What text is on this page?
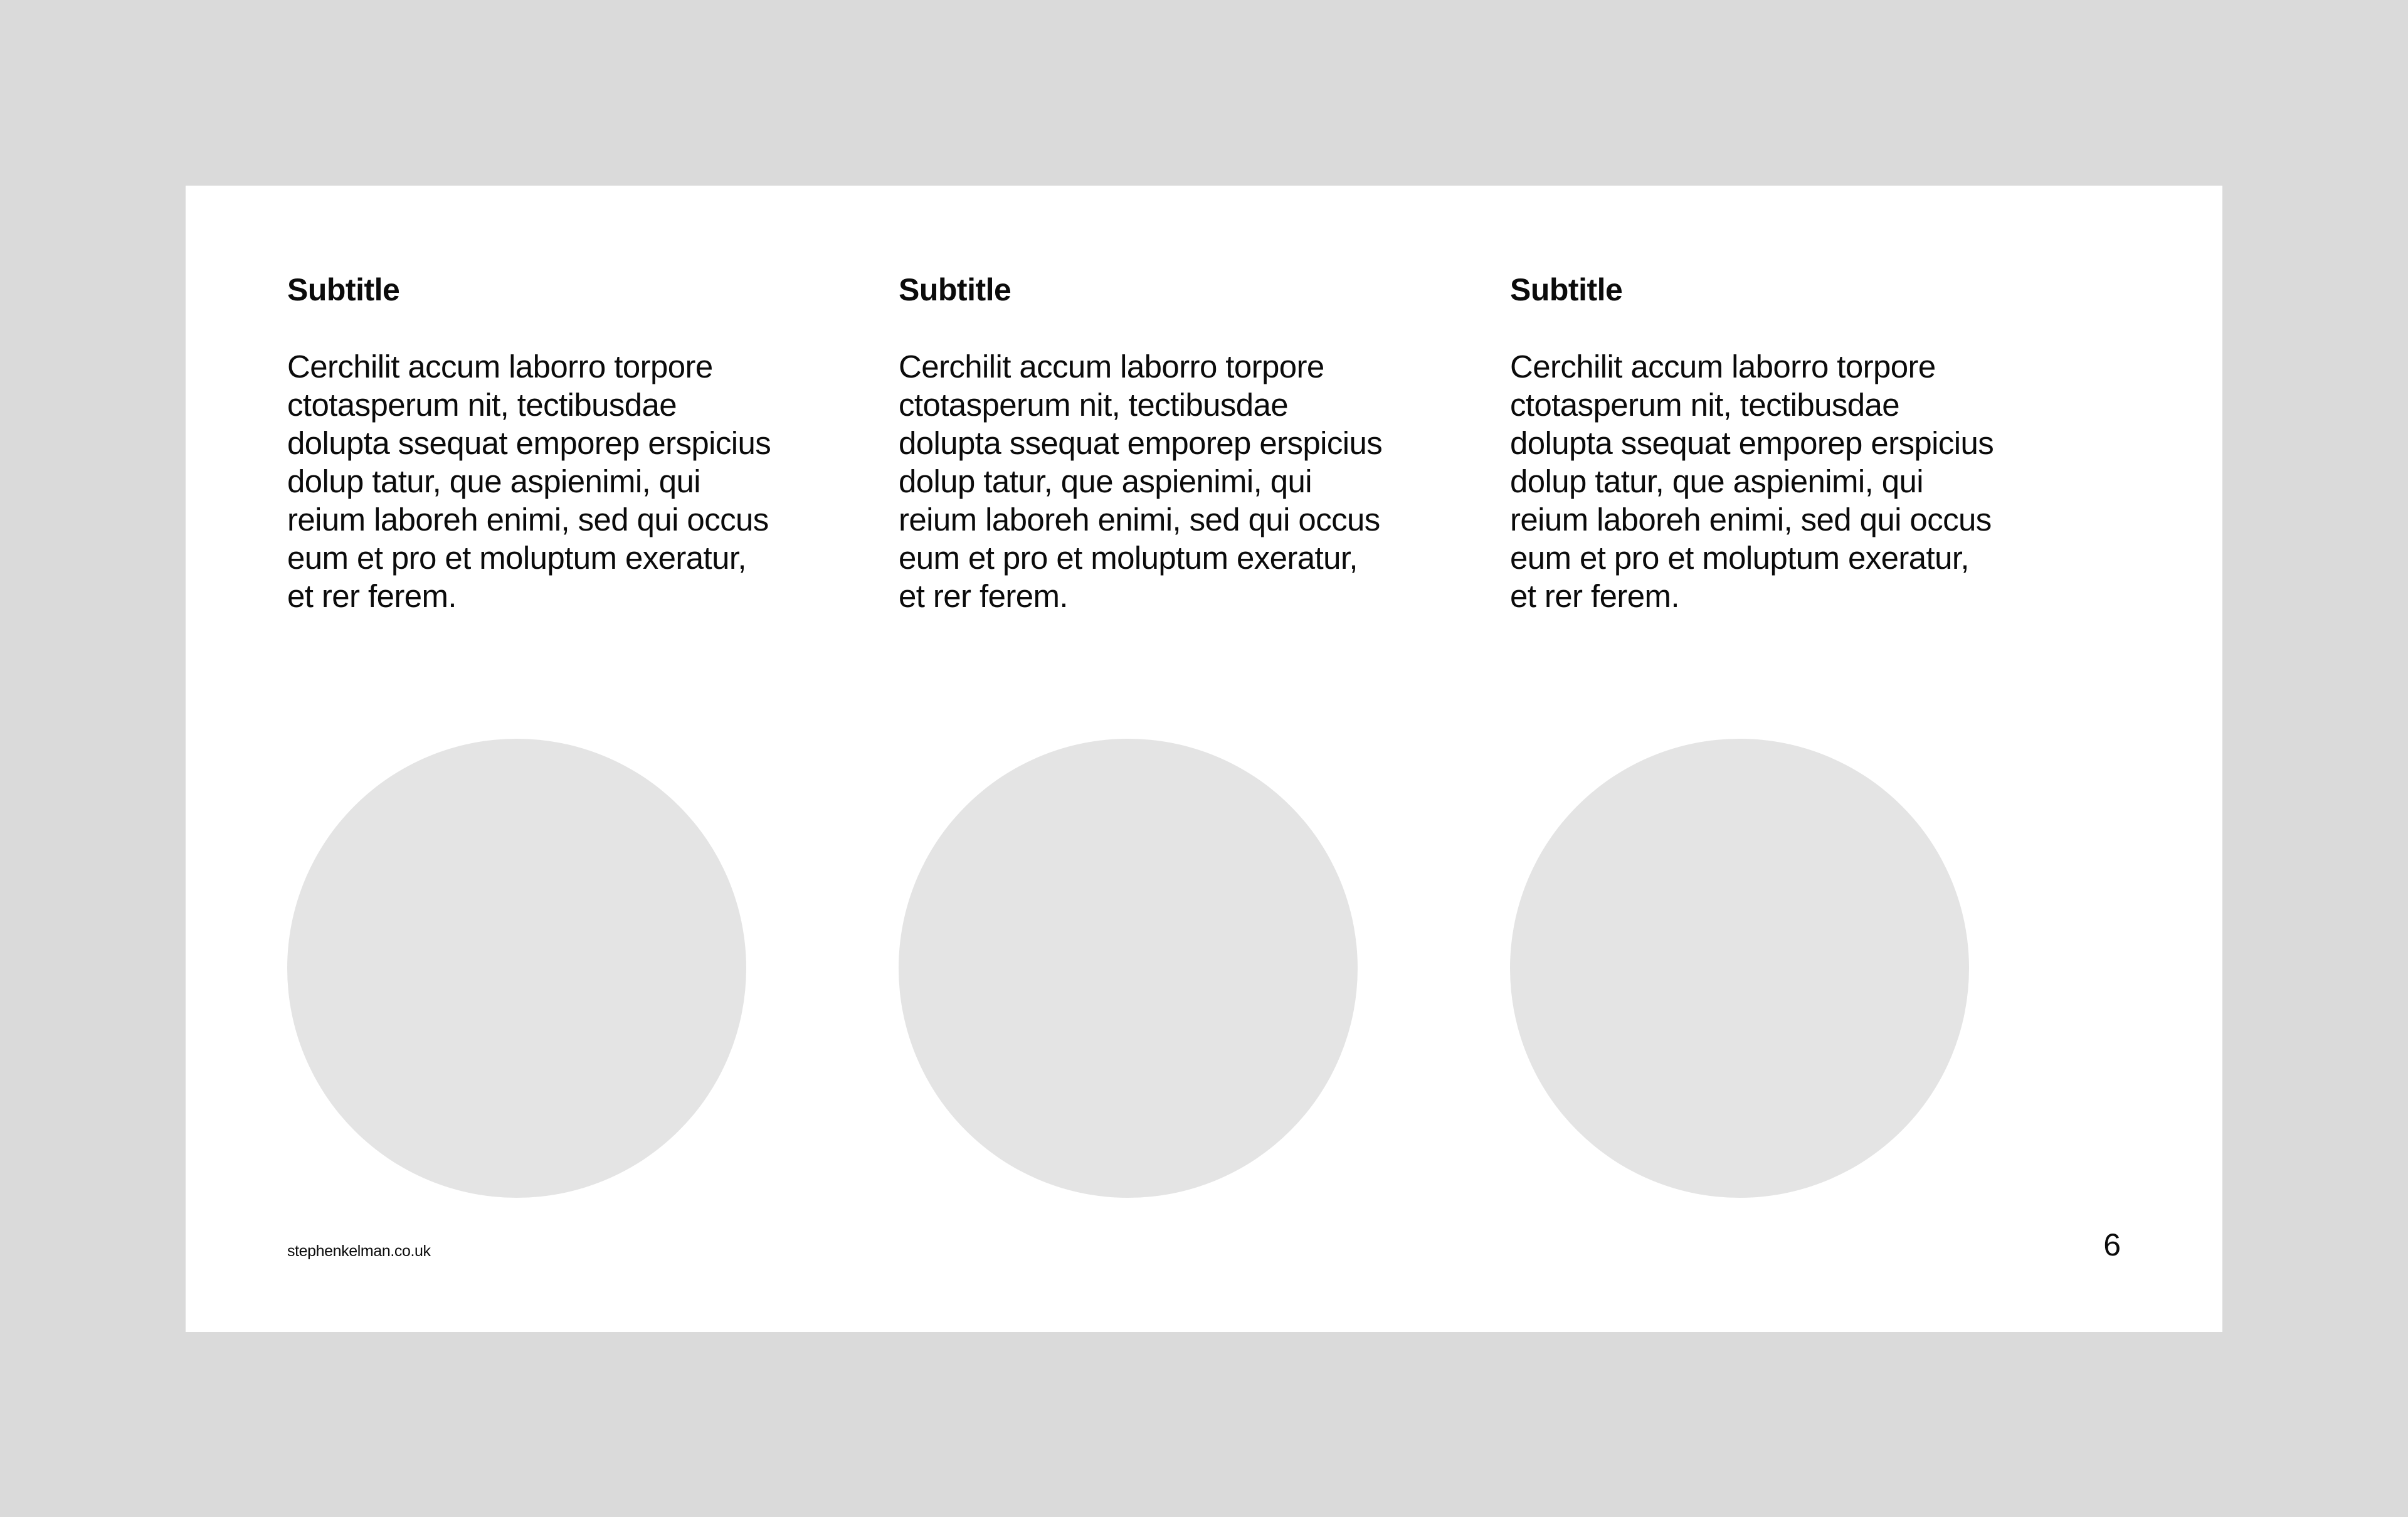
Subtitle

Cerchilit accum laborro torpore
ctotasperum nit, tectibusdae
dolupta ssequat emporep erspicius
dolup tatur, que aspienimi, qui
reium laboreh enimi, sed qui occus
eum et pro et moluptum exeratur,
et rer ferem.

Subtitle

Cerchilit accum laborro torpore
ctotasperum nit, tectibusdae
dolupta ssequat emporep erspicius
dolup tatur, que aspienimi, qui
reium laboreh enimi, sed qui occus
eum et pro et moluptum exeratur,
et rer ferem.

Subtitle

Cerchilit accum laborro torpore
ctotasperum nit, tectibusdae
dolupta ssequat emporep erspicius
dolup tatur, que aspienimi, qui
reium laboreh enimi, sed qui occus
eum et pro et moluptum exeratur,
et rer ferem.

stephenkelman.co.uk	6
